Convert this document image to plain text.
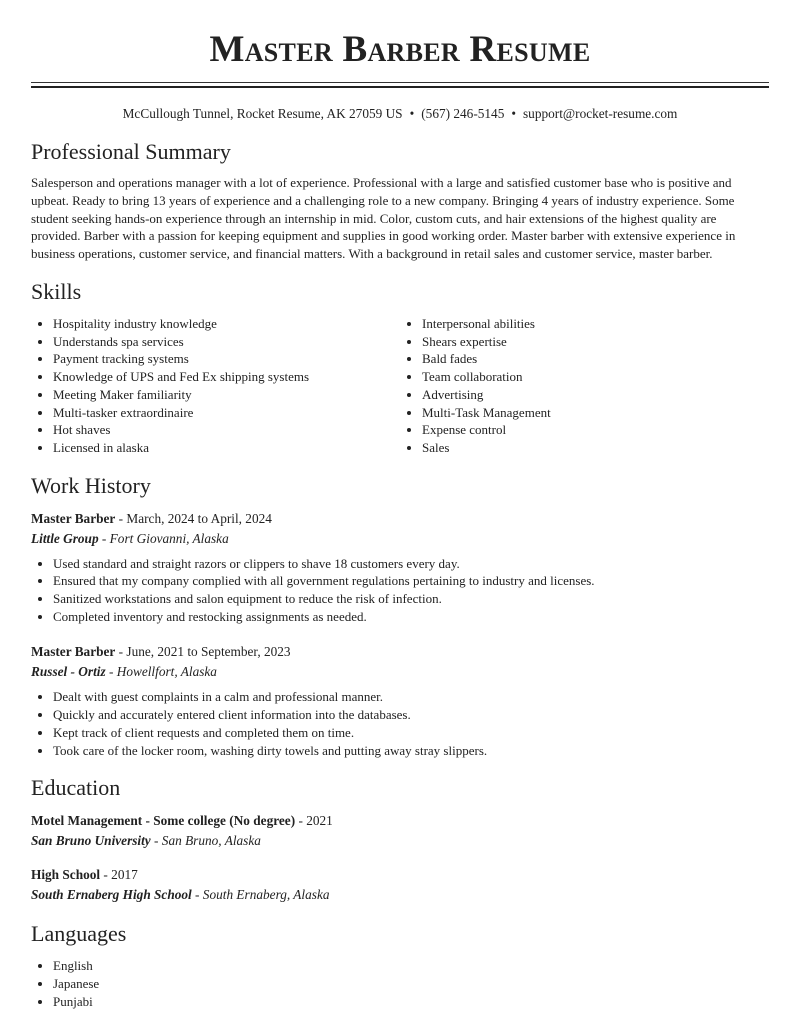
Master Barber Resume
McCullough Tunnel, Rocket Resume, AK 27059 US • (567) 246-5145 • support@rocket-resume.com
Professional Summary

Salesperson and operations manager with a lot of experience. Professional with a large and satisfied customer base who is positive and upbeat. Ready to bring 13 years of experience and a challenging role to a new company. Bringing 4 years of industry experience. Some student seeking hands-on experience through an internship in mid. Color, custom cuts, and hair extensions of the highest quality are provided. Barber with a passion for keeping equipment and supplies in good working order. Master barber with extensive experience in business operations, customer service, and financial matters. With a background in retail sales and customer service, master barber.

Skills
• Hospitality industry knowledge
• Understands spa services
• Payment tracking systems
• Knowledge of UPS and Fed Ex shipping systems
• Meeting Maker familiarity
• Multi-tasker extraordinaire
• Hot shaves
• Licensed in alaska
• Interpersonal abilities
• Shears expertise
• Bald fades
• Team collaboration
• Advertising
• Multi-Task Management
• Expense control
• Sales
Work History
Master Barber - March, 2024 to April, 2024
Little Group - Fort Giovanni, Alaska
• Used standard and straight razors or clippers to shave 18 customers every day.
• Ensured that my company complied with all government regulations pertaining to industry and licenses.
• Sanitized workstations and salon equipment to reduce the risk of infection.
• Completed inventory and restocking assignments as needed.
Master Barber - June, 2021 to September, 2023
Russel - Ortiz - Howellfort, Alaska
• Dealt with guest complaints in a calm and professional manner.
• Quickly and accurately entered client information into the databases.
• Kept track of client requests and completed them on time.
• Took care of the locker room, washing dirty towels and putting away stray slippers.
Education
Motel Management - Some college (No degree) - 2021
San Bruno University - San Bruno, Alaska
High School - 2017
South Ernaberg High School - South Ernaberg, Alaska
Languages
• English
• Japanese
• Punjabi
